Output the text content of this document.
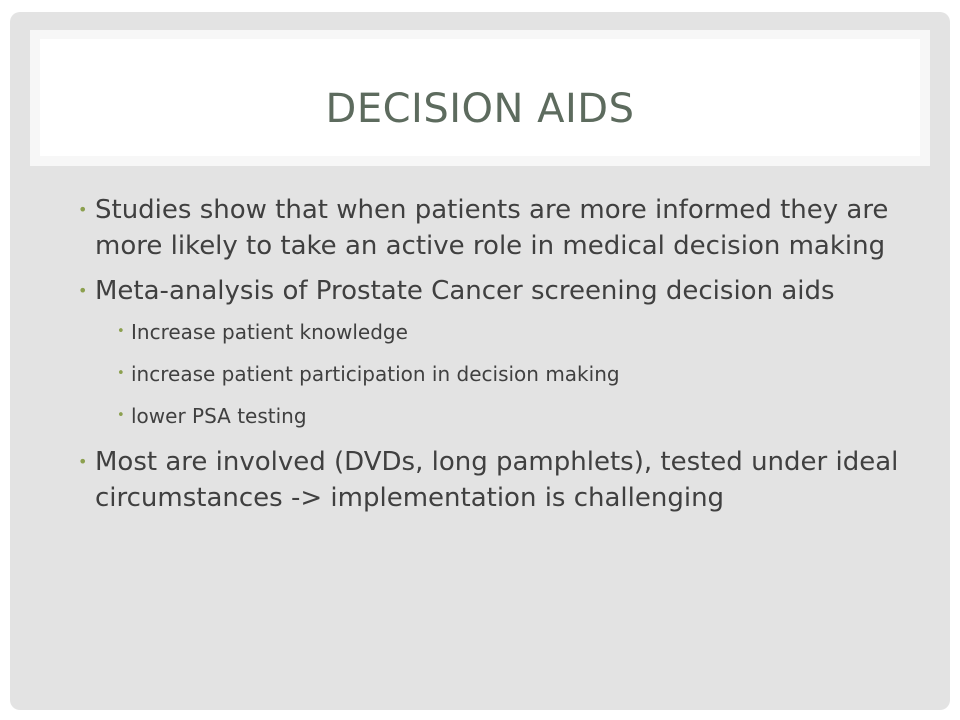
DECISION AIDS
• Studies show that when patients are more informed they are more likely to take an active role in medical decision making
• Meta-analysis of Prostate Cancer screening decision aids
• Increase patient knowledge
• increase patient participation in decision making
• lower PSA testing
• Most are involved (DVDs, long pamphlets), tested under ideal circumstances -> implementation is challenging
